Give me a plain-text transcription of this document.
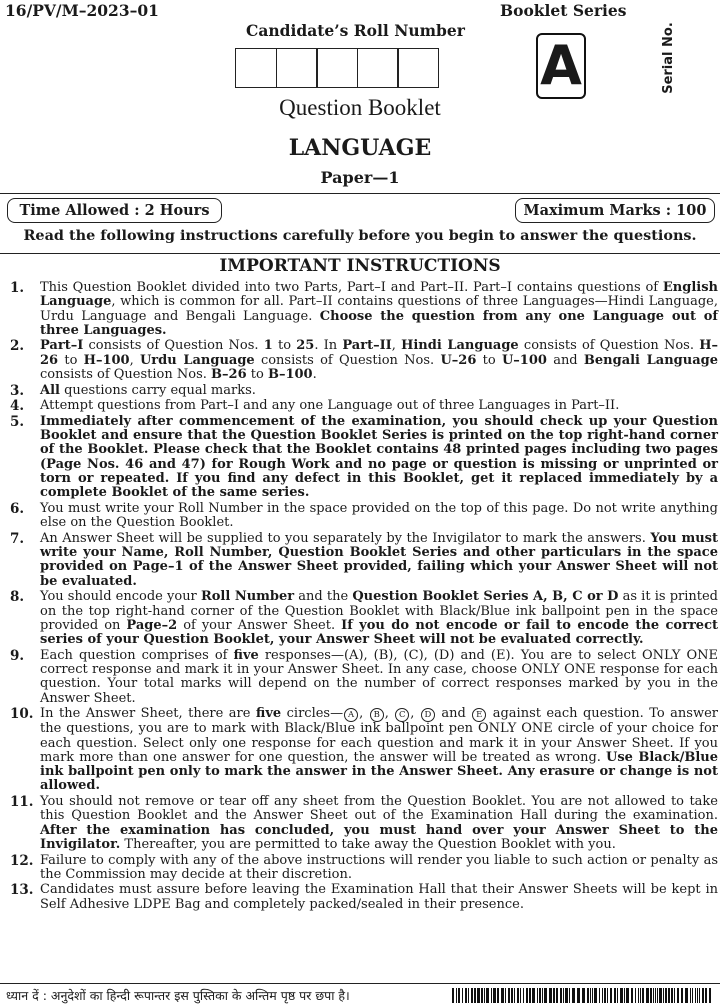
16/PV/M–2023–01
Candidate’s Roll Number
Booklet Series
A	Serial No.
Question Booklet
LANGUAGE
Paper—1
Time Allowed : 2 Hours	Maximum Marks : 100
Read the following instructions carefully before you begin to answer the questions.
IMPORTANT INSTRUCTIONS
1. This Question Booklet divided into two Parts, Part–I and Part–II. Part–I contains questions of English Language, which is common for all. Part–II contains questions of three Languages—Hindi Language, Urdu Language and Bengali Language. Choose the question from any one Language out of three Languages.
2. Part–I consists of Question Nos. 1 to 25. In Part–II, Hindi Language consists of Question Nos. H–26 to H–100, Urdu Language consists of Question Nos. U–26 to U–100 and Bengali Language consists of Question Nos. B–26 to B–100.
3. All questions carry equal marks.
4. Attempt questions from Part–I and any one Language out of three Languages in Part–II.
5. Immediately after commencement of the examination, you should check up your Question Booklet and ensure that the Question Booklet Series is printed on the top right-hand corner of the Booklet. Please check that the Booklet contains 48 printed pages including two pages (Page Nos. 46 and 47) for Rough Work and no page or question is missing or unprinted or torn or repeated. If you find any defect in this Booklet, get it replaced immediately by a complete Booklet of the same series.
6. You must write your Roll Number in the space provided on the top of this page. Do not write anything else on the Question Booklet.
7. An Answer Sheet will be supplied to you separately by the Invigilator to mark the answers. You must write your Name, Roll Number, Question Booklet Series and other particulars in the space provided on Page–1 of the Answer Sheet provided, failing which your Answer Sheet will not be evaluated.
8. You should encode your Roll Number and the Question Booklet Series A, B, C or D as it is printed on the top right-hand corner of the Question Booklet with Black/Blue ink ballpoint pen in the space provided on Page–2 of your Answer Sheet. If you do not encode or fail to encode the correct series of your Question Booklet, your Answer Sheet will not be evaluated correctly.
9. Each question comprises of five responses—(A), (B), (C), (D) and (E). You are to select ONLY ONE correct response and mark it in your Answer Sheet. In any case, choose ONLY ONE response for each question. Your total marks will depend on the number of correct responses marked by you in the Answer Sheet.
10. In the Answer Sheet, there are five circles— A , B , C , D and E against each question. To answer the questions, you are to mark with Black/Blue ink ballpoint pen ONLY ONE circle of your choice for each question. Select only one response for each question and mark it in your Answer Sheet. If you mark more than one answer for one question, the answer will be treated as wrong. Use Black/Blue ink ballpoint pen only to mark the answer in the Answer Sheet. Any erasure or change is not allowed.
11. You should not remove or tear off any sheet from the Question Booklet. You are not allowed to take this Question Booklet and the Answer Sheet out of the Examination Hall during the examination. After the examination has concluded, you must hand over your Answer Sheet to the Invigilator. Thereafter, you are permitted to take away the Question Booklet with you.
12. Failure to comply with any of the above instructions will render you liable to such action or penalty as the Commission may decide at their discretion.
13. Candidates must assure before leaving the Examination Hall that their Answer Sheets will be kept in Self Adhesive LDPE Bag and completely packed/sealed in their presence.
ध्यान दें : अनुदेशों का हिन्दी रूपान्तर इस पुस्तिका के अन्तिम पृष्ठ पर छपा है।
